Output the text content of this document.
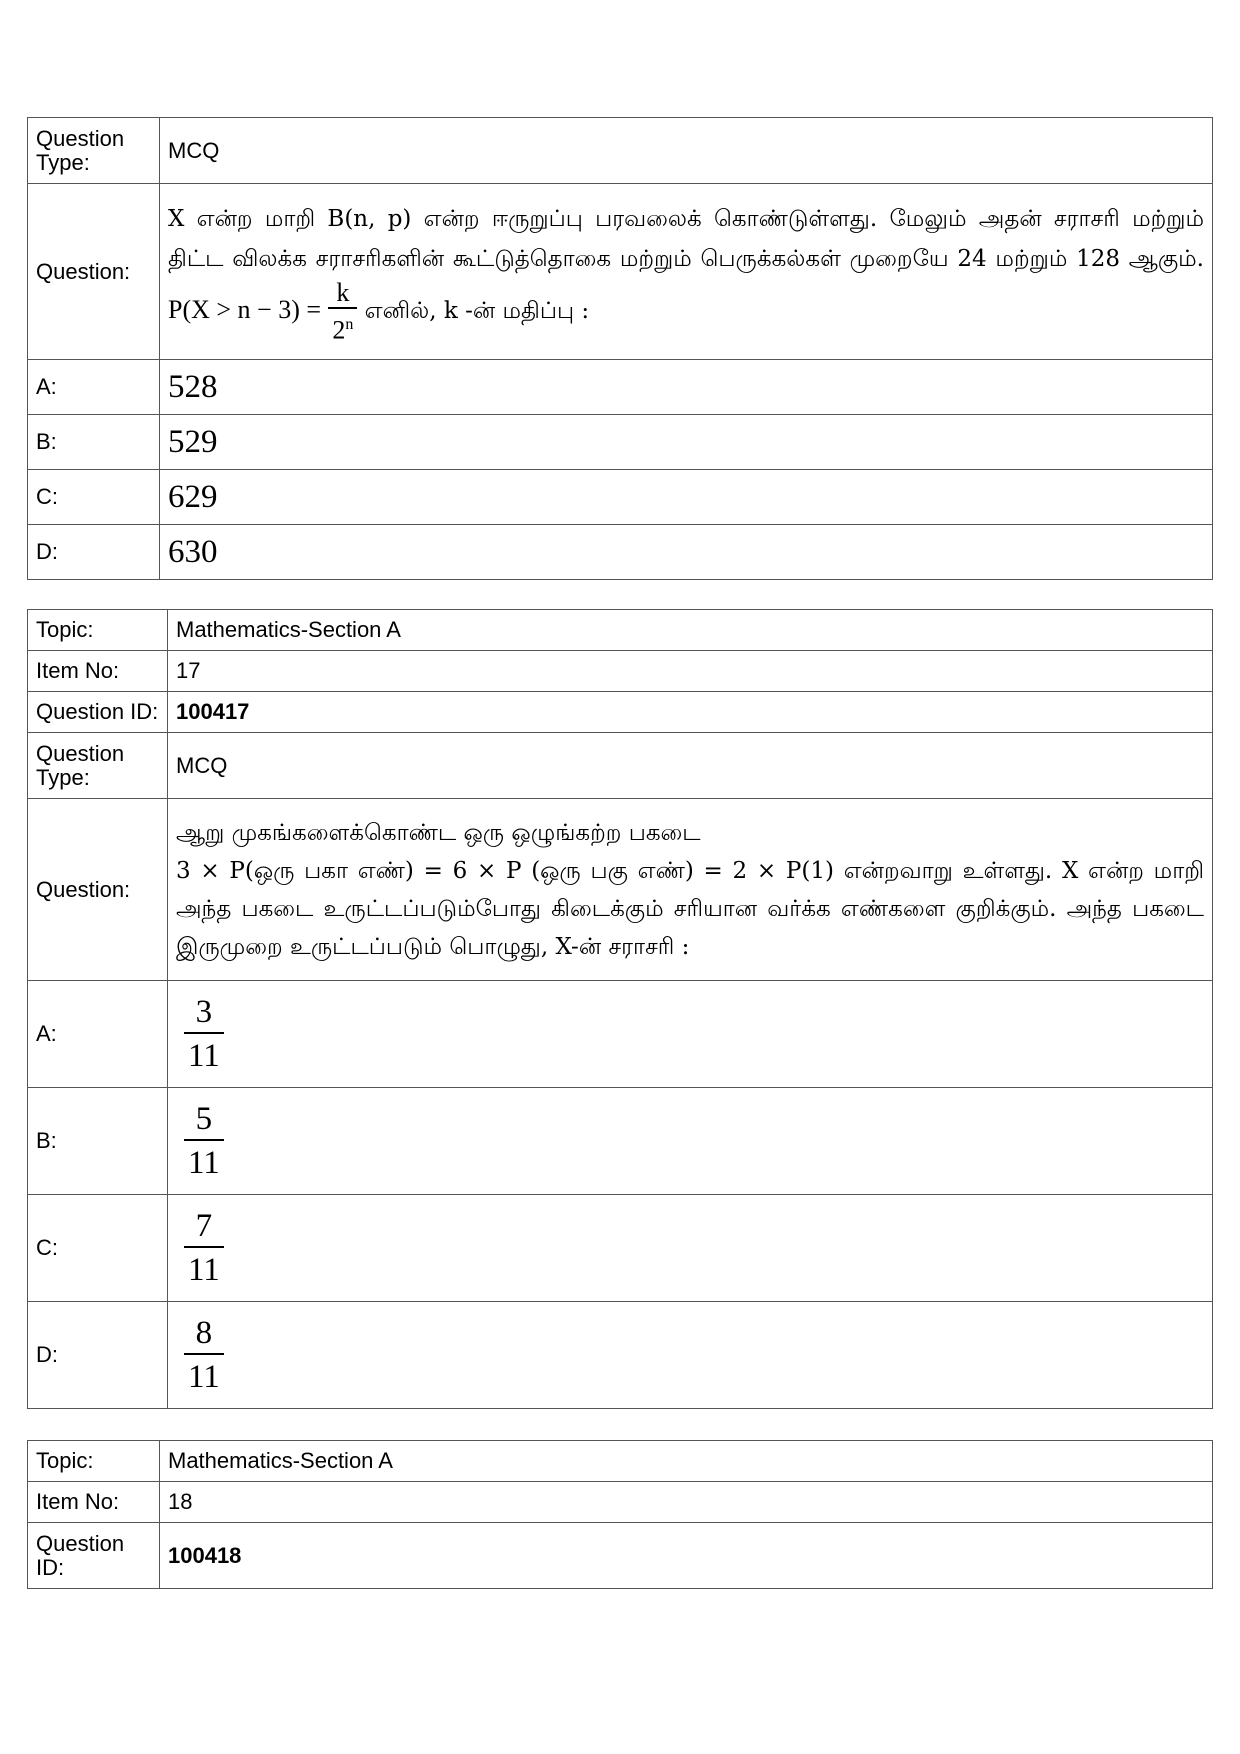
Question Type:	MCQ
Question:	X என்ற மாறி B(n, p) என்ற ஈருறுப்பு பரவலைக் கொண்டுள்ளது. மேலும் அதன் சராசரி மற்றும் திட்ட விலக்க சராசரிகளின் கூட்டுத்தொகை மற்றும் பெருக்கல்கள் முறையே 24 மற்றும் 128 ஆகும். $P(X > n - 3) = \frac{k}{2^n}$ எனில், k -ன் மதிப்பு :
A:	528
B:	529
C:	629
D:	630
Topic:	Mathematics-Section A
Item No:	17
Question ID:	100417
Question Type:	MCQ
Question:	ஆறு முகங்களைக்கொண்ட ஒரு ஒழுங்கற்ற பகடை
3 × P(ஒரு பகா எண்) = 6 × P (ஒரு பகு எண்) = 2 × P(1) என்றவாறு உள்ளது. X என்ற மாறி அந்த பகடை உருட்டப்படும்போது கிடைக்கும் சரியான வர்க்க எண்களை குறிக்கும். அந்த பகடை இருமுறை உருட்டப்படும் பொழுது, X-ன் சராசரி :

A:	$\frac{3}{11}$

B:	$\frac{5}{11}$

C:	$\frac{7}{11}$

D:	$\frac{8}{11}$
Topic:	Mathematics-Section A
Item No:	18
Question ID:	100418
